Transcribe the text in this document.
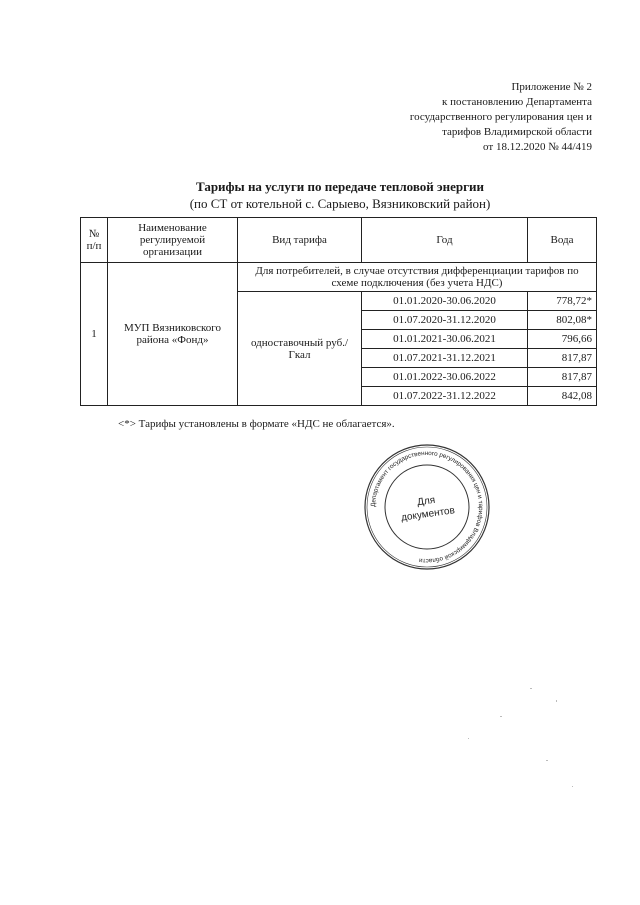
Приложение № 2
к постановлению Департамента
государственного регулирования цен и
тарифов Владимирской области
от 18.12.2020 № 44/419
Тарифы на услуги по передаче тепловой энергии
(по СТ от котельной с. Сарыево, Вязниковский район)
№ п/п	Наименование регулируемой организации	Вид тарифа	Год	Вода
1	МУП Вязниковского района «Фонд»	Для потребителей, в случае отсутствия дифференциации тарифов по схеме подключения (без учета НДС)		
		одноставочный руб./Гкал	01.01.2020-30.06.2020	778,72*
			01.07.2020-31.12.2020	802,08*
			01.01.2021-30.06.2021	796,66
			01.07.2021-31.12.2021	817,87
			01.01.2022-30.06.2022	817,87
			01.07.2022-31.12.2022	842,08
<*> Тарифы установлены в формате «НДС не облагается».
Департамент государственного регулирования цен и тарифов Владимирской области
Для
документов
